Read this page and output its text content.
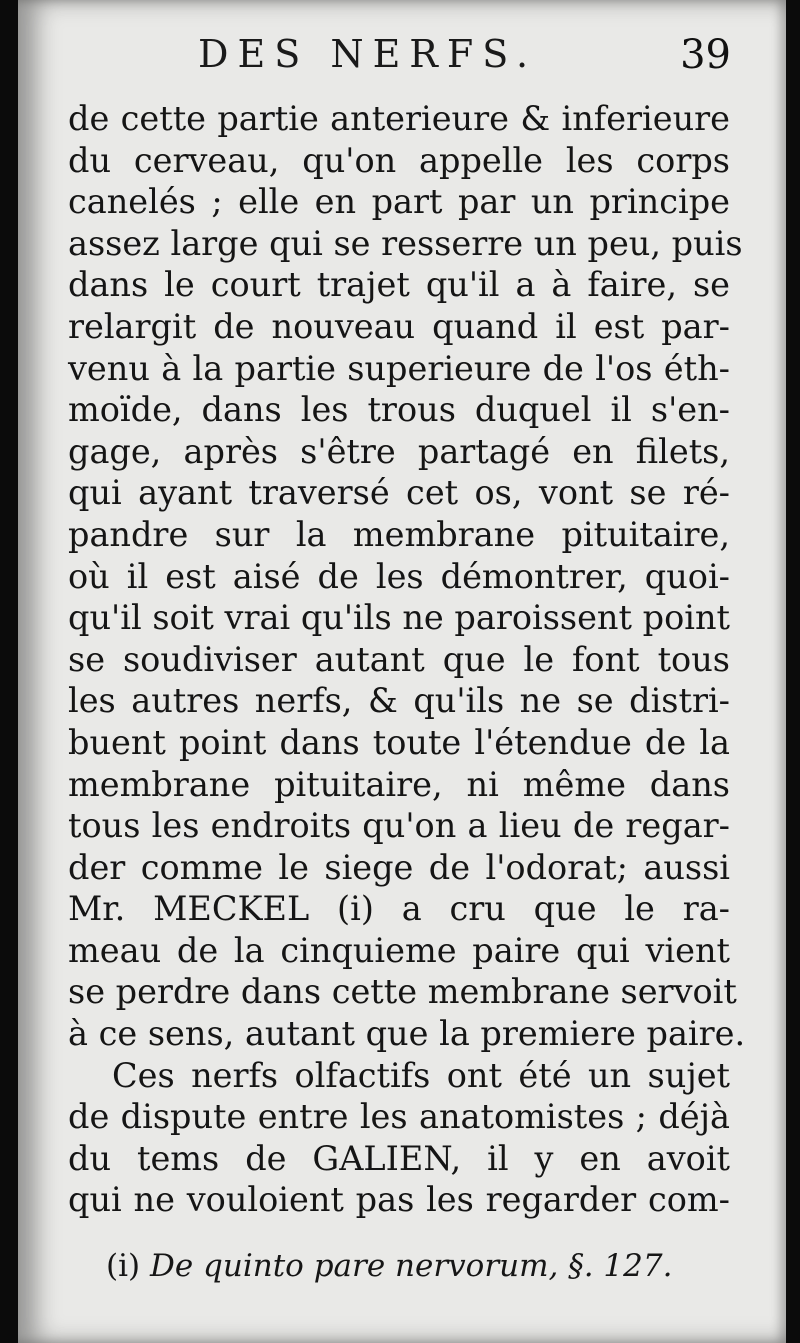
DES NERFS.	39
de cette partie anterieure & inferieure
du cerveau, qu'on appelle les corps
canelés ; elle en part par un principe
assez large qui se resserre un peu, puis
dans le court trajet qu'il a à faire, se
relargit de nouveau quand il est par-
venu à la partie superieure de l'os éth-
moïde, dans les trous duquel il s'en-
gage, après s'être partagé en filets,
qui ayant traversé cet os, vont se ré-
pandre sur la membrane pituitaire,
où il est aisé de les démontrer, quoi-
qu'il soit vrai qu'ils ne paroissent point
se soudiviser autant que le font tous
les autres nerfs, & qu'ils ne se distri-
buent point dans toute l'étendue de la
membrane pituitaire, ni même dans
tous les endroits qu'on a lieu de regar-
der comme le siege de l'odorat; aussi
Mr. MECKEL (i) a cru que le ra-
meau de la cinquieme paire qui vient
se perdre dans cette membrane servoit
à ce sens, autant que la premiere paire.
Ces nerfs olfactifs ont été un sujet
de dispute entre les anatomistes ; déjà
du tems de GALIEN, il y en avoit
qui ne vouloient pas les regarder com-
(i) De quinto pare nervorum, §. 127.
